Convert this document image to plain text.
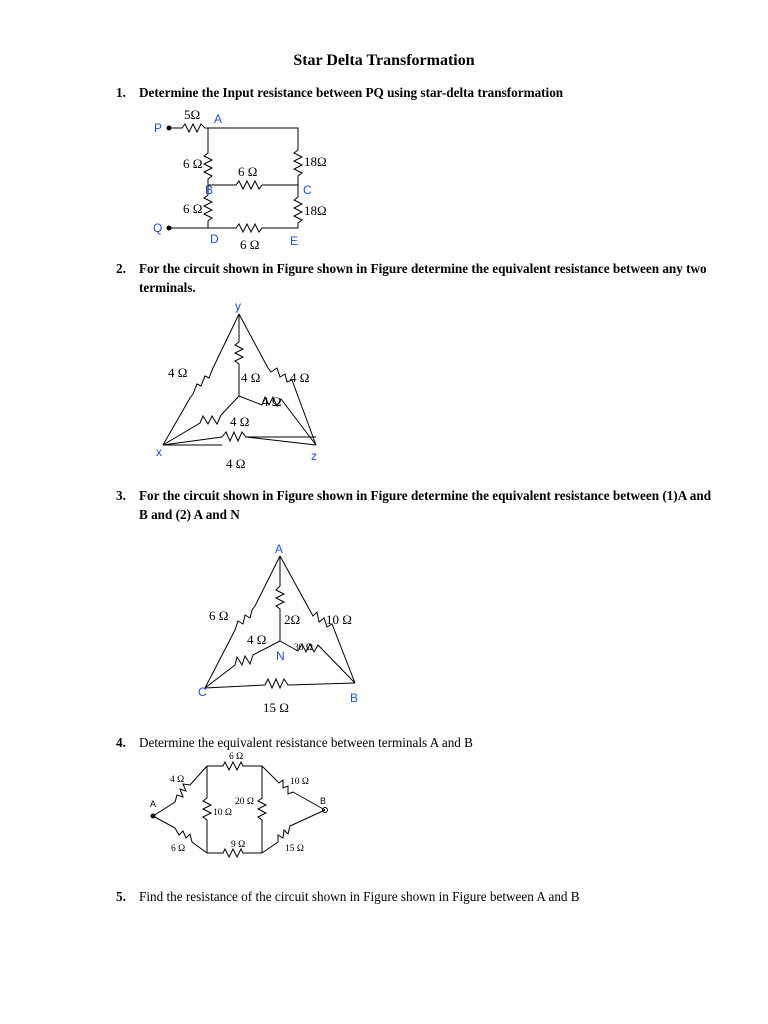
Star Delta Transformation
1. Determine the Input resistance between PQ using star-delta transformation
P
Q
A
B	C
D	E
5Ω
6 Ω
6 Ω
6 Ω
6 Ω
18Ω
18Ω
2. For the circuit shown in Figure shown in Figure determine the equivalent resistance between any two terminals.
y
x	z
4 Ω	4 Ω 4 Ω
4 Ω
4 Ω
4 Ω
3. For the circuit shown in Figure shown in Figure determine the equivalent resistance between (1)A and B and (2) A and N
A
B
C
N
6 Ω	2Ω 10 Ω
4 Ω
30 Ω
15 Ω
4. Determine the equivalent resistance between terminals A and B
A	B
6 Ω
4 Ω
6 Ω
10 Ω
20 Ω
9 Ω
10 Ω
15 Ω
5. Find the resistance of the circuit shown in Figure shown in Figure between A and B
